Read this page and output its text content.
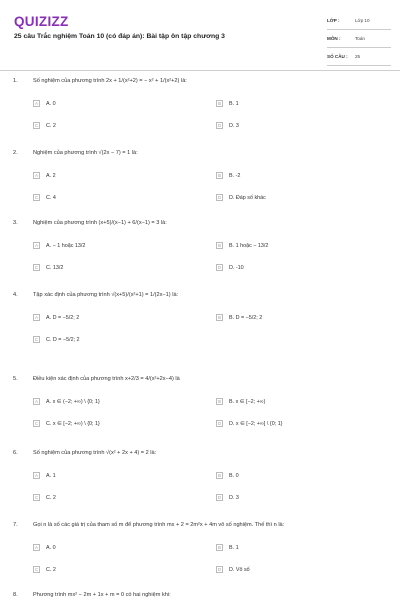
QUIZIZZ
25 câu Trắc nghiệm Toán 10 (có đáp án): Bài tập ôn tập chương 3
LỚP :	Lớp 10
MÔN :	Toán
SỐ CÂU :	25
1.	Số nghiệm của phương trình 2x + 1/(x²+2) = − x² + 1/(x²+2) là:
A	A. 0	B	B. 1
C	C. 2	D	D. 3
2.	Nghiệm của phương trình √(2x − 7) = 1 là:
A	A. 2	B	B. -2
C	C. 4	D	D. Đáp số khác
3.	Nghiệm của phương trình (x+5)/(x−1) + 6/(x−1) = 3 là:
A	A. − 1 hoặc 13/2	B	B. 1 hoặc − 13/2
C	C. 13/2	D	D. -10
4.	Tập xác định của phương trình √(x+5)/(x²+1) = 1/(2x−1) là:
A	A. D = −5/2; 2	B	B. D = −5/2; 2
C	C. D = −5/2; 2
5.	Điều kiện xác định của phương trình x+2/3 = 4/(x²+2x−4) là
A	A. x ∈ (−2; +∞) \ {0; 1}	B	B. x ∈ [−2; +∞)
C	C. x ∈ [−2; +∞) \ {0; 1}	D	D. x ∈ [−2; +∞] \ {0; 1}
6.	Số nghiệm của phương trình √(x² + 2x + 4) = 2 là:
A	A. 1	B	B. 0
C	C. 2	D	D. 3
7.	Gọi n là số các giá trị của tham số m để phương trình mx + 2 = 2m²x + 4m vô số nghiệm. Thế thì n là:
A	A. 0	B	B. 1
C	C. 2	D	D. Vô số
8.	Phương trình mx² − 2m + 1x + m = 0 có hai nghiệm khi:
